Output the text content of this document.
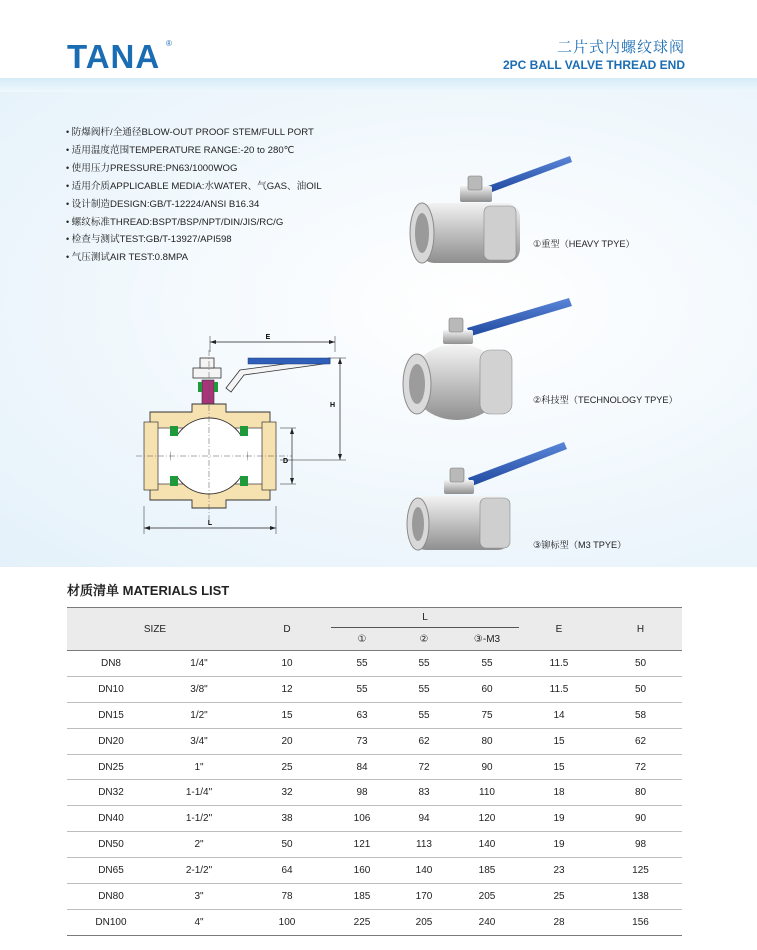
TANA ®	二片式内螺纹球阀
2PC BALL VALVE THREAD END
• 防爆阀杆/全通径BLOW-OUT PROOF STEM/FULL PORT
• 适用温度范围TEMPERATURE RANGE:-20 to 280℃
• 使用压力PRESSURE:PN63/1000WOG
• 适用介质APPLICABLE MEDIA:水WATER、气GAS、油OIL
• 设计制造DESIGN:GB/T-12224/ANSI B16.34
• 螺纹标准THREAD:BSPT/BSP/NPT/DIN/JIS/RC/G
• 检查与测试TEST:GB/T-13927/API598
• 气压测试AIR TEST:0.8MPA
①重型（HEAVY TPYE）
②科技型（TECHNOLOGY TPYE）
③铆标型（M3 TPYE）
E
H
D
L
材质清单 MATERIALS LIST
SIZE		D	L			E	H
			①	②	③-M3		
DN8	1/4"	10	55	55	55	11.5	50
DN10	3/8"	12	55	55	60	11.5	50
DN15	1/2"	15	63	55	75	14	58
DN20	3/4"	20	73	62	80	15	62
DN25	1"	25	84	72	90	15	72
DN32	1-1/4"	32	98	83	110	18	80
DN40	1-1/2"	38	106	94	120	19	90
DN50	2"	50	121	113	140	19	98
DN65	2-1/2"	64	160	140	185	23	125
DN80	3"	78	185	170	205	25	138
DN100	4"	100	225	205	240	28	156
